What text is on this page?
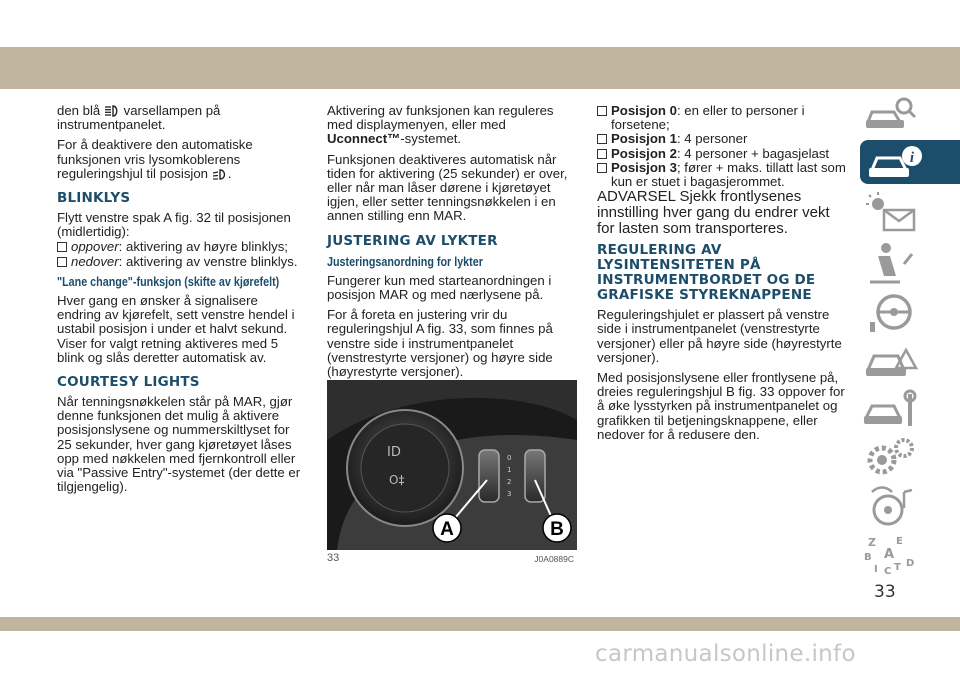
den blå varsellampen på instrumentpanelet.

For å deaktivere den automatiske funksjonen vris lysomkoblerens reguleringshjul til posisjon .

BLINKLYS

Flytt venstre spak A fig. 32 til posisjonen (midlertidig):

oppover: aktivering av høyre blinklys;
nedover: aktivering av venstre blinklys.
"Lane change"-funksjon (skifte av kjørefelt)

Hver gang en ønsker å signalisere endring av kjørefelt, sett venstre hendel i ustabil posisjon i under et halvt sekund. Viser for valgt retning aktiveres med 5 blink og slås deretter automatisk av.

COURTESY LIGHTS

Når tenningsnøkkelen står på MAR, gjør denne funksjonen det mulig å aktivere posisjonslysene og nummerskiltlyset for 25 sekunder, hver gang kjøretøyet låses opp med nøkkelen med fjernkontroll eller via "Passive Entry"-systemet (der dette er tilgjengelig).

Aktivering av funksjonen kan reguleres med displaymenyen, eller med Uconnect™-systemet.

Funksjonen deaktiveres automatisk når tiden for aktivering (25 sekunder) er over, eller når man låser dørene i kjøretøyet igjen, eller setter tenningsnøkkelen i en annen stilling enn MAR.

JUSTERING AV LYKTER
Justeringsanordning for lykter

Fungerer kun med starteanordningen i posisjon MAR og med nærlysene på.

For å foreta en justering vrir du reguleringshjul A fig. 33, som finnes på venstre side i instrumentpanelet (venstrestyrte versjoner) og høyre side (høyrestyrte versjoner).

ID
O‡
0
1
2
3
A	B
33	J0A0889C
Posisjon 0: en eller to personer i forsetene;
Posisjon 1: 4 personer
Posisjon 2: 4 personer + bagasjelast
Posisjon 3; fører + maks. tillatt last som kun er stuet i bagasjerommet.

ADVARSEL Sjekk frontlysenes innstilling hver gang du endrer vekt for lasten som transporteres.

REGULERING AV LYSINTENSITETEN PÅ INSTRUMENTBORDET OG DE GRAFISKE STYREKNAPPENE

Reguleringshjulet er plassert på venstre side i instrumentpanelet (venstrestyrte versjoner) eller på høyre side (høyrestyrte versjoner).

Med posisjonslysene eller frontlysene på, dreies reguleringshjul B fig. 33 oppover for å øke lysstyrken på instrumentpanelet og grafikken til betjeningsknappene, eller nedover for å redusere den.

i
Z E
B A
I C T D
33
carmanualsonline.info
